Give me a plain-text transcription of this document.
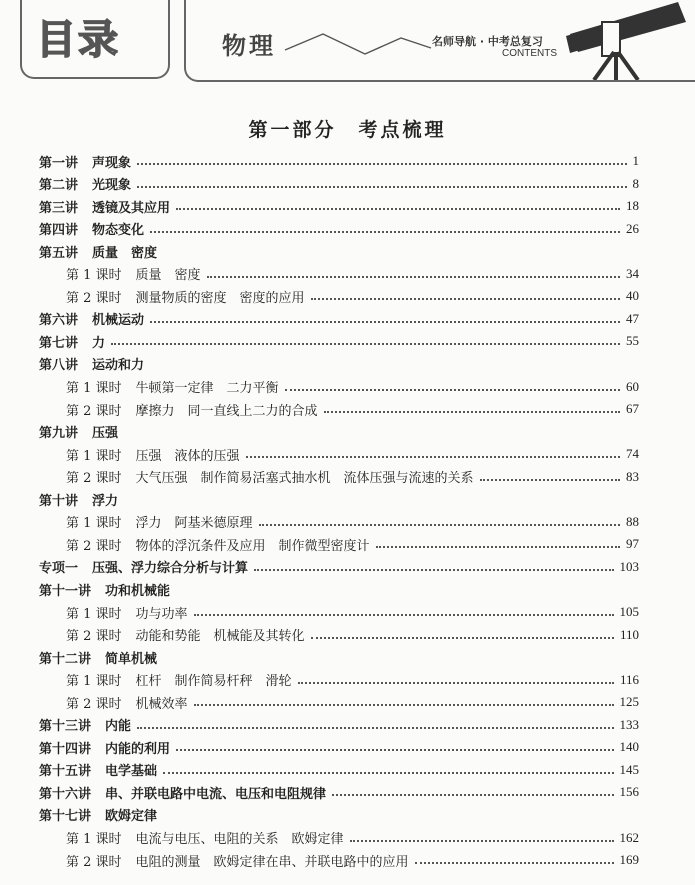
目录	物理	名师导航 · 中考总复习
CONTENTS
第一部分　考点梳理
第一讲 声现象	1
第二讲 光现象	8
第三讲 透镜及其应用	18
第四讲 物态变化	26
第五讲 质量　密度
第 1 课时 质量　密度	34
第 2 课时 测量物质的密度　密度的应用	40
第六讲 机械运动	47
第七讲 力	55
第八讲 运动和力
第 1 课时 牛顿第一定律　二力平衡	60
第 2 课时 摩擦力　同一直线上二力的合成	67
第九讲 压强
第 1 课时 压强　液体的压强	74
第 2 课时 大气压强　制作简易活塞式抽水机　流体压强与流速的关系	83
第十讲 浮力
第 1 课时 浮力　阿基米德原理	88
第 2 课时 物体的浮沉条件及应用　制作微型密度计	97
专项一 压强、浮力综合分析与计算	103
第十一讲 功和机械能
第 1 课时 功与功率	105
第 2 课时 动能和势能　机械能及其转化	110
第十二讲 简单机械
第 1 课时 杠杆　制作简易杆秤　滑轮	116
第 2 课时 机械效率	125
第十三讲 内能	133
第十四讲 内能的利用	140
第十五讲 电学基础	145
第十六讲 串、并联电路中电流、电压和电阻规律	156
第十七讲 欧姆定律
第 1 课时 电流与电压、电阻的关系　欧姆定律	162
第 2 课时 电阻的测量　欧姆定律在串、并联电路中的应用	169
